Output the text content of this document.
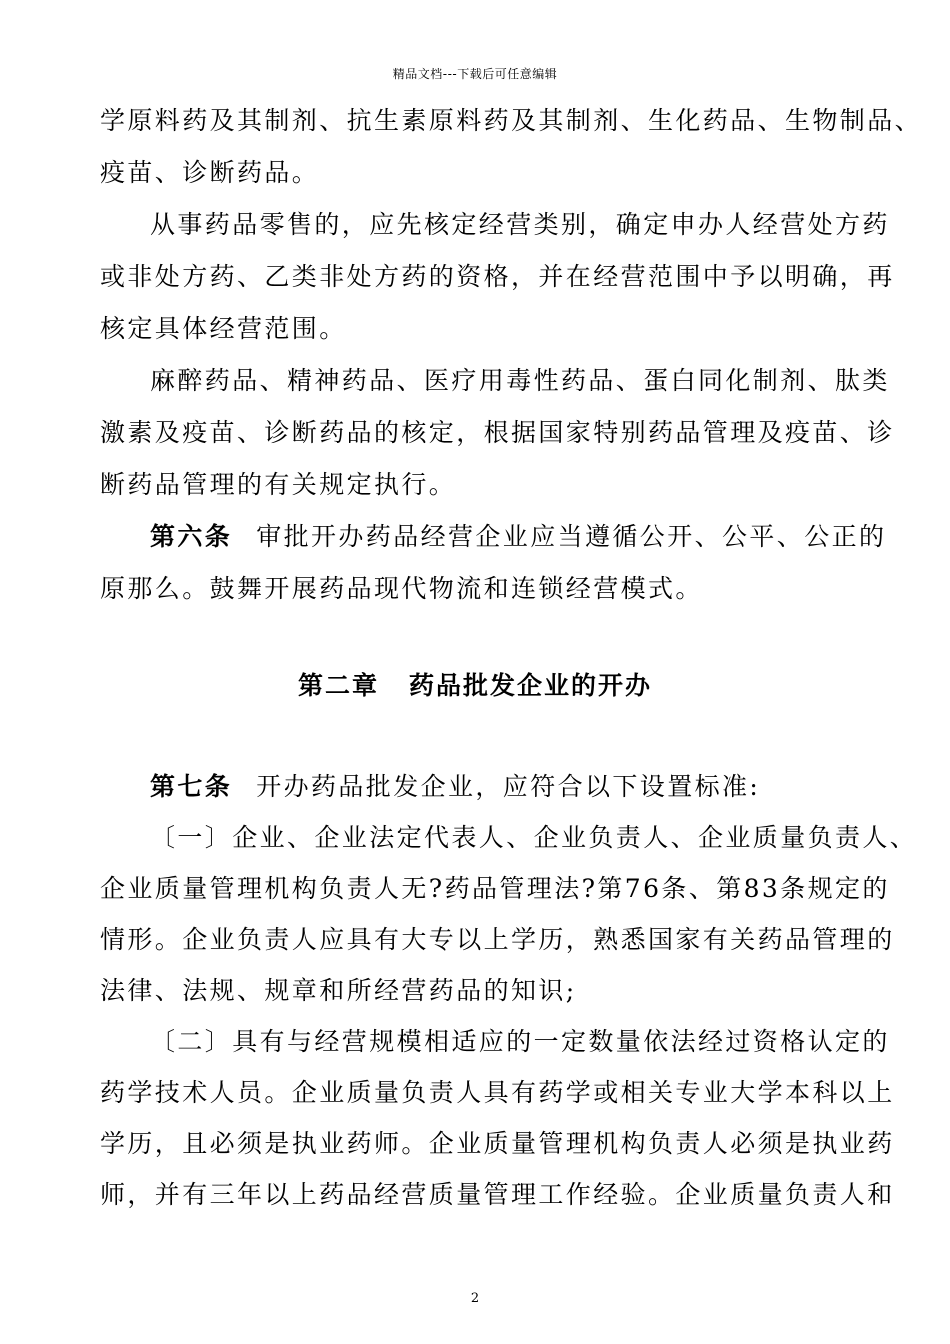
精品文档---下载后可任意编辑
学原料药及其制剂、抗生素原料药及其制剂、生化药品、生物制品、
疫苗、诊断药品。
从事药品零售的，应先核定经营类别，确定申办人经营处方药
或非处方药、乙类非处方药的资格，并在经营范围中予以明确，再
核定具体经营范围。
麻醉药品、精神药品、医疗用毒性药品、蛋白同化制剂、肽类
激素及疫苗、诊断药品的核定，根据国家特别药品管理及疫苗、诊
断药品管理的有关规定执行。
第六条 审批开办药品经营企业应当遵循公开、公平、公正的
原那么。鼓舞开展药品现代物流和连锁经营模式。
第二章 药品批发企业的开办
第七条 开办药品批发企业，应符合以下设置标准:
〔一〕企业、企业法定代表人、企业负责人、企业质量负责人、
企业质量管理机构负责人无?药品管理法?第76条、第83条规定的
情形。企业负责人应具有大专以上学历，熟悉国家有关药品管理的
法律、法规、规章和所经营药品的知识;
〔二〕具有与经营规模相适应的一定数量依法经过资格认定的
药学技术人员。企业质量负责人具有药学或相关专业大学本科以上
学历，且必须是执业药师。企业质量管理机构负责人必须是执业药
师，并有三年以上药品经营质量管理工作经验。企业质量负责人和
2
